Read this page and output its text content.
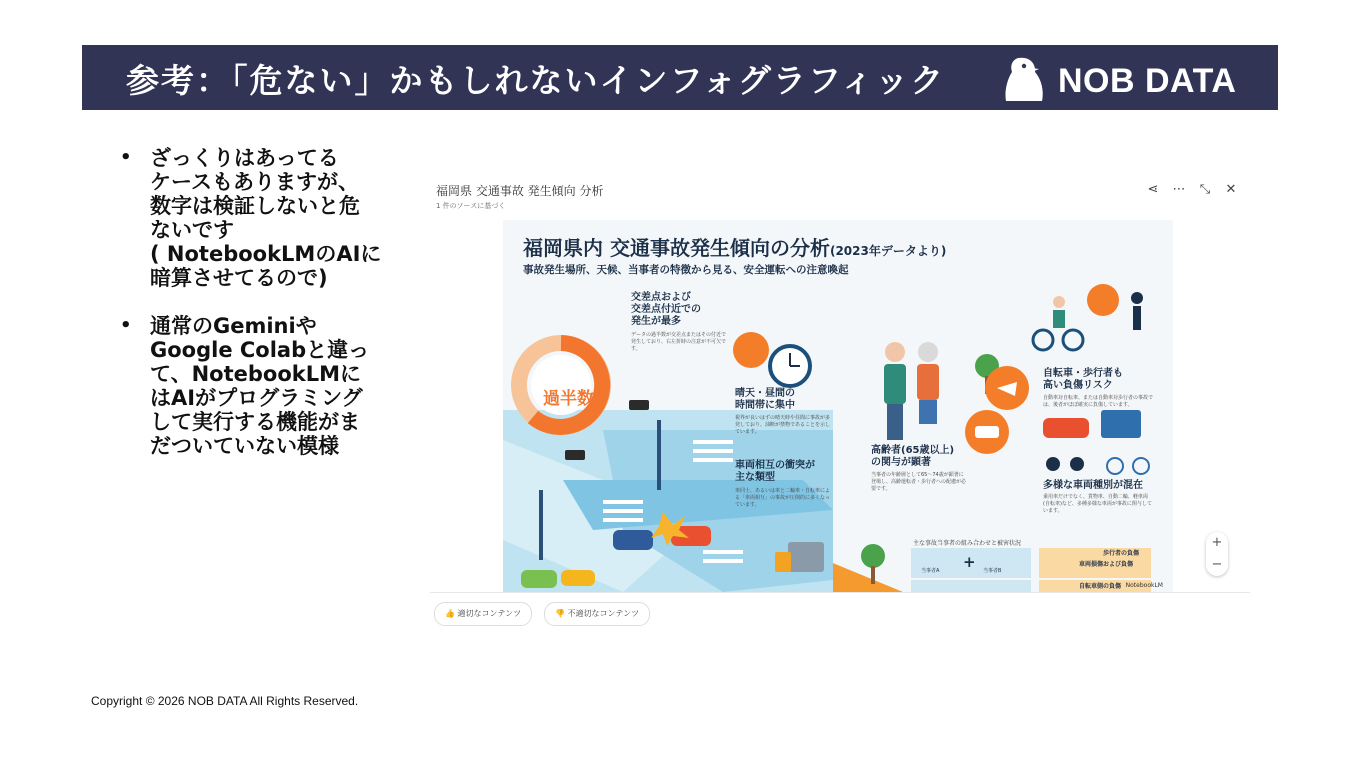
参考：「危ない」かもしれないインフォグラフィック	NOB DATA
• ざっくりはあってる
ケースもありますが、
数字は検証しないと危
ないです
( NotebookLMのAIに
暗算させてるので)
• 通常のGeminiや
Google Colabと違っ
て、NotebookLMに
はAIがプログラミング
して実行する機能がま
だついていない模様
福岡県 交通事故 発生傾向 分析
1 件のソースに基づく
⋖ ⋯ ⤡ ✕
福岡県内 交通事故発生傾向の分析(2023年データより)
事故発生場所、天候、当事者の特徴から見る、安全運転への注意喚起
過半数
交差点および
交差点付近での
発生が最多
データの過半数が交差点またはその付近で発生しており、右左折時の注意が不可欠です。
晴天・昼間の
時間帯に集中
視界が良いはずの晴天時や昼間に事故が多発しており、油断が禁物であることを示しています。
車両相互の衝突が
主な類型
車同士、あるいは車と二輪車・自転車による「車両相互」の事故が圧倒的に多くなっています。
高齢者(65歳以上)
の関与が顕著
当事者の年齢層として65〜74歳が顕著に登場し、高齢運転者・歩行者への配慮が必要です。
自転車・歩行者も
高い負傷リスク
自動車対自転車、または自動車対歩行者の事故では、後者がほぼ確実に負傷しています。
多様な車両種別が混在
乗用車だけでなく、貨物車、自動二輪、軽車両(自転車)など、多種多様な車両が事故に関与しています。
主な事故当事者の組み合わせと被害状況
+
当事者A	当事者B
車両損傷および負傷
自転車側の負傷 NotebookLM
歩行者の負傷
+
−
👍 適切なコンテンツ	👎 不適切なコンテンツ
Copyright © 2026 NOB DATA All Rights Reserved.
